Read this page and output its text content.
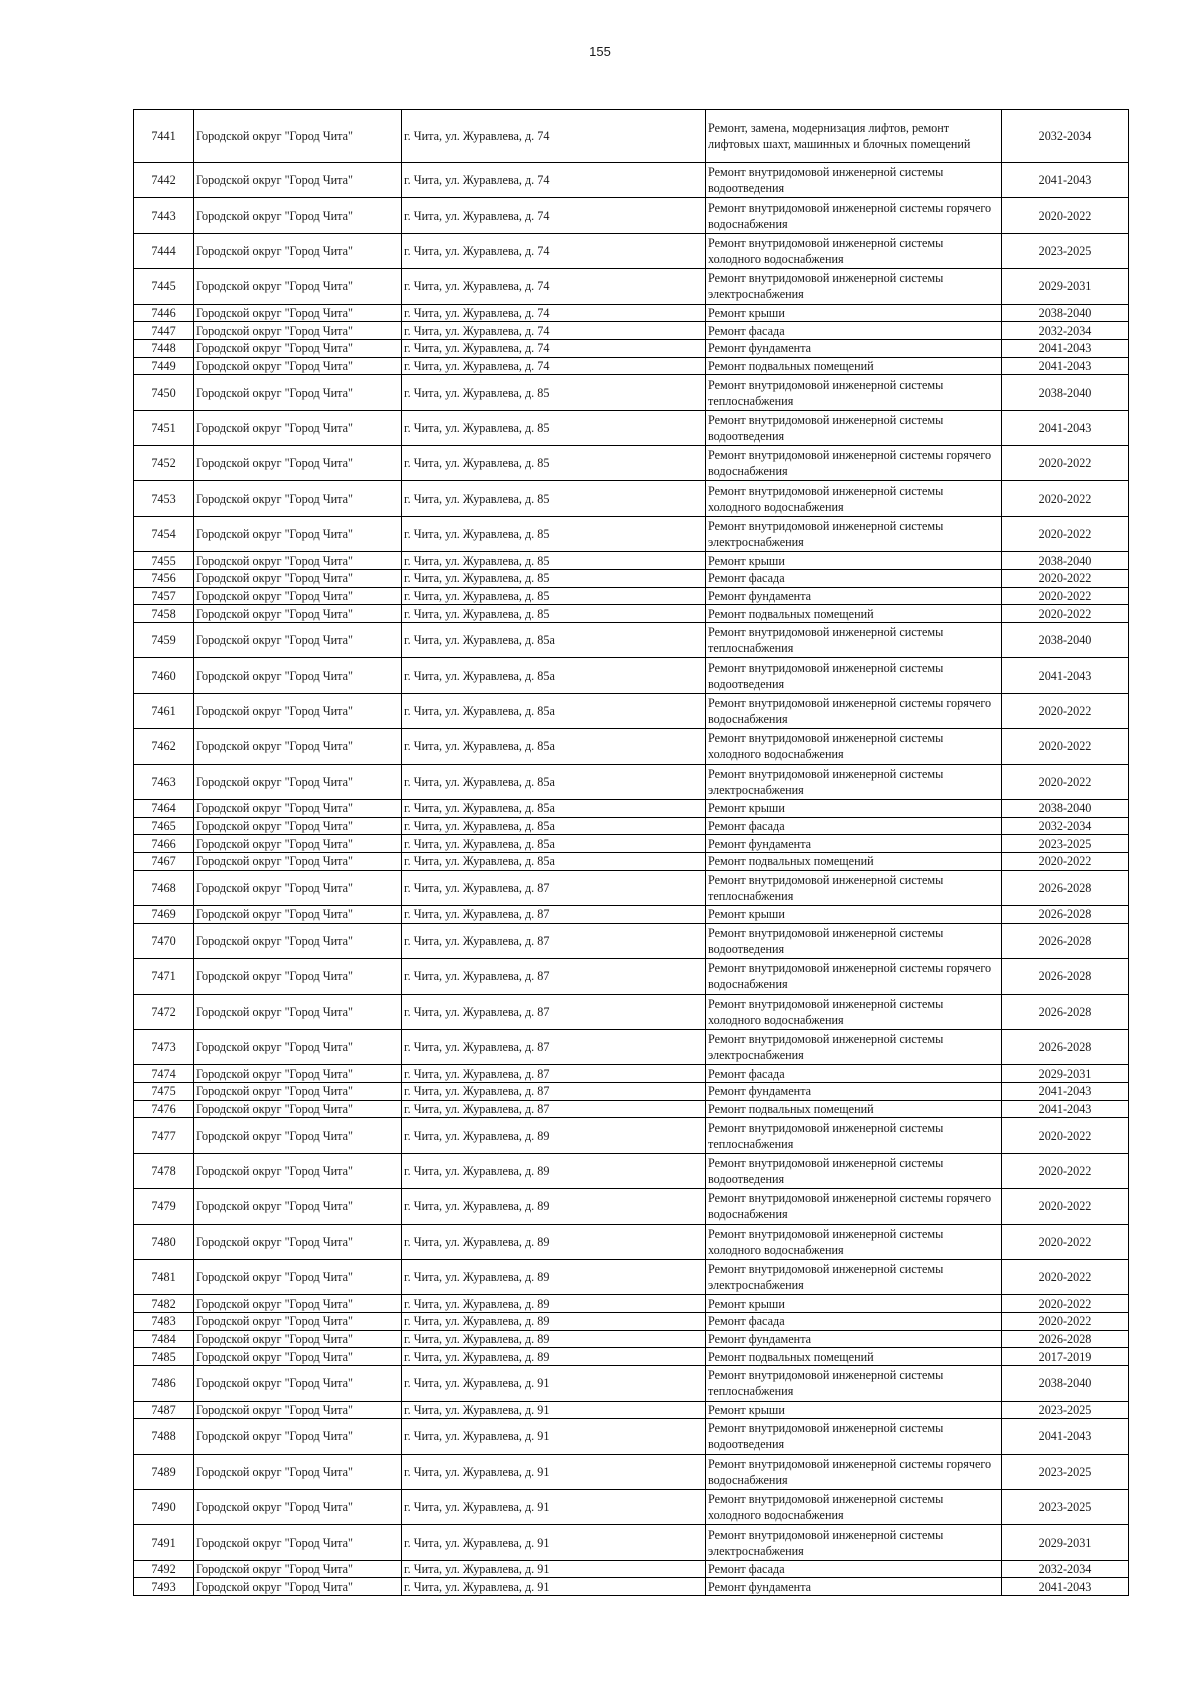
155
7441	Городской округ "Город Чита"	г. Чита, ул. Журавлева, д. 74	Ремонт, замена, модернизация лифтов, ремонт лифтовых шахт, машинных и блочных помещений	2032-2034
7442	Городской округ "Город Чита"	г. Чита, ул. Журавлева, д. 74	Ремонт внутридомовой инженерной системы водоотведения	2041-2043
7443	Городской округ "Город Чита"	г. Чита, ул. Журавлева, д. 74	Ремонт внутридомовой инженерной системы горячего водоснабжения	2020-2022
7444	Городской округ "Город Чита"	г. Чита, ул. Журавлева, д. 74	Ремонт внутридомовой инженерной системы холодного водоснабжения	2023-2025
7445	Городской округ "Город Чита"	г. Чита, ул. Журавлева, д. 74	Ремонт внутридомовой инженерной системы электроснабжения	2029-2031
7446	Городской округ "Город Чита"	г. Чита, ул. Журавлева, д. 74	Ремонт крыши	2038-2040
7447	Городской округ "Город Чита"	г. Чита, ул. Журавлева, д. 74	Ремонт фасада	2032-2034
7448	Городской округ "Город Чита"	г. Чита, ул. Журавлева, д. 74	Ремонт фундамента	2041-2043
7449	Городской округ "Город Чита"	г. Чита, ул. Журавлева, д. 74	Ремонт подвальных помещений	2041-2043
7450	Городской округ "Город Чита"	г. Чита, ул. Журавлева, д. 85	Ремонт внутридомовой инженерной системы теплоснабжения	2038-2040
7451	Городской округ "Город Чита"	г. Чита, ул. Журавлева, д. 85	Ремонт внутридомовой инженерной системы водоотведения	2041-2043
7452	Городской округ "Город Чита"	г. Чита, ул. Журавлева, д. 85	Ремонт внутридомовой инженерной системы горячего водоснабжения	2020-2022
7453	Городской округ "Город Чита"	г. Чита, ул. Журавлева, д. 85	Ремонт внутридомовой инженерной системы холодного водоснабжения	2020-2022
7454	Городской округ "Город Чита"	г. Чита, ул. Журавлева, д. 85	Ремонт внутридомовой инженерной системы электроснабжения	2020-2022
7455	Городской округ "Город Чита"	г. Чита, ул. Журавлева, д. 85	Ремонт крыши	2038-2040
7456	Городской округ "Город Чита"	г. Чита, ул. Журавлева, д. 85	Ремонт фасада	2020-2022
7457	Городской округ "Город Чита"	г. Чита, ул. Журавлева, д. 85	Ремонт фундамента	2020-2022
7458	Городской округ "Город Чита"	г. Чита, ул. Журавлева, д. 85	Ремонт подвальных помещений	2020-2022
7459	Городской округ "Город Чита"	г. Чита, ул. Журавлева, д. 85а	Ремонт внутридомовой инженерной системы теплоснабжения	2038-2040
7460	Городской округ "Город Чита"	г. Чита, ул. Журавлева, д. 85а	Ремонт внутридомовой инженерной системы водоотведения	2041-2043
7461	Городской округ "Город Чита"	г. Чита, ул. Журавлева, д. 85а	Ремонт внутридомовой инженерной системы горячего водоснабжения	2020-2022
7462	Городской округ "Город Чита"	г. Чита, ул. Журавлева, д. 85а	Ремонт внутридомовой инженерной системы холодного водоснабжения	2020-2022
7463	Городской округ "Город Чита"	г. Чита, ул. Журавлева, д. 85а	Ремонт внутридомовой инженерной системы электроснабжения	2020-2022
7464	Городской округ "Город Чита"	г. Чита, ул. Журавлева, д. 85а	Ремонт крыши	2038-2040
7465	Городской округ "Город Чита"	г. Чита, ул. Журавлева, д. 85а	Ремонт фасада	2032-2034
7466	Городской округ "Город Чита"	г. Чита, ул. Журавлева, д. 85а	Ремонт фундамента	2023-2025
7467	Городской округ "Город Чита"	г. Чита, ул. Журавлева, д. 85а	Ремонт подвальных помещений	2020-2022
7468	Городской округ "Город Чита"	г. Чита, ул. Журавлева, д. 87	Ремонт внутридомовой инженерной системы теплоснабжения	2026-2028
7469	Городской округ "Город Чита"	г. Чита, ул. Журавлева, д. 87	Ремонт крыши	2026-2028
7470	Городской округ "Город Чита"	г. Чита, ул. Журавлева, д. 87	Ремонт внутридомовой инженерной системы водоотведения	2026-2028
7471	Городской округ "Город Чита"	г. Чита, ул. Журавлева, д. 87	Ремонт внутридомовой инженерной системы горячего водоснабжения	2026-2028
7472	Городской округ "Город Чита"	г. Чита, ул. Журавлева, д. 87	Ремонт внутридомовой инженерной системы холодного водоснабжения	2026-2028
7473	Городской округ "Город Чита"	г. Чита, ул. Журавлева, д. 87	Ремонт внутридомовой инженерной системы электроснабжения	2026-2028
7474	Городской округ "Город Чита"	г. Чита, ул. Журавлева, д. 87	Ремонт фасада	2029-2031
7475	Городской округ "Город Чита"	г. Чита, ул. Журавлева, д. 87	Ремонт фундамента	2041-2043
7476	Городской округ "Город Чита"	г. Чита, ул. Журавлева, д. 87	Ремонт подвальных помещений	2041-2043
7477	Городской округ "Город Чита"	г. Чита, ул. Журавлева, д. 89	Ремонт внутридомовой инженерной системы теплоснабжения	2020-2022
7478	Городской округ "Город Чита"	г. Чита, ул. Журавлева, д. 89	Ремонт внутридомовой инженерной системы водоотведения	2020-2022
7479	Городской округ "Город Чита"	г. Чита, ул. Журавлева, д. 89	Ремонт внутридомовой инженерной системы горячего водоснабжения	2020-2022
7480	Городской округ "Город Чита"	г. Чита, ул. Журавлева, д. 89	Ремонт внутридомовой инженерной системы холодного водоснабжения	2020-2022
7481	Городской округ "Город Чита"	г. Чита, ул. Журавлева, д. 89	Ремонт внутридомовой инженерной системы электроснабжения	2020-2022
7482	Городской округ "Город Чита"	г. Чита, ул. Журавлева, д. 89	Ремонт крыши	2020-2022
7483	Городской округ "Город Чита"	г. Чита, ул. Журавлева, д. 89	Ремонт фасада	2020-2022
7484	Городской округ "Город Чита"	г. Чита, ул. Журавлева, д. 89	Ремонт фундамента	2026-2028
7485	Городской округ "Город Чита"	г. Чита, ул. Журавлева, д. 89	Ремонт подвальных помещений	2017-2019
7486	Городской округ "Город Чита"	г. Чита, ул. Журавлева, д. 91	Ремонт внутридомовой инженерной системы теплоснабжения	2038-2040
7487	Городской округ "Город Чита"	г. Чита, ул. Журавлева, д. 91	Ремонт крыши	2023-2025
7488	Городской округ "Город Чита"	г. Чита, ул. Журавлева, д. 91	Ремонт внутридомовой инженерной системы водоотведения	2041-2043
7489	Городской округ "Город Чита"	г. Чита, ул. Журавлева, д. 91	Ремонт внутридомовой инженерной системы горячего водоснабжения	2023-2025
7490	Городской округ "Город Чита"	г. Чита, ул. Журавлева, д. 91	Ремонт внутридомовой инженерной системы холодного водоснабжения	2023-2025
7491	Городской округ "Город Чита"	г. Чита, ул. Журавлева, д. 91	Ремонт внутридомовой инженерной системы электроснабжения	2029-2031
7492	Городской округ "Город Чита"	г. Чита, ул. Журавлева, д. 91	Ремонт фасада	2032-2034
7493	Городской округ "Город Чита"	г. Чита, ул. Журавлева, д. 91	Ремонт фундамента	2041-2043
